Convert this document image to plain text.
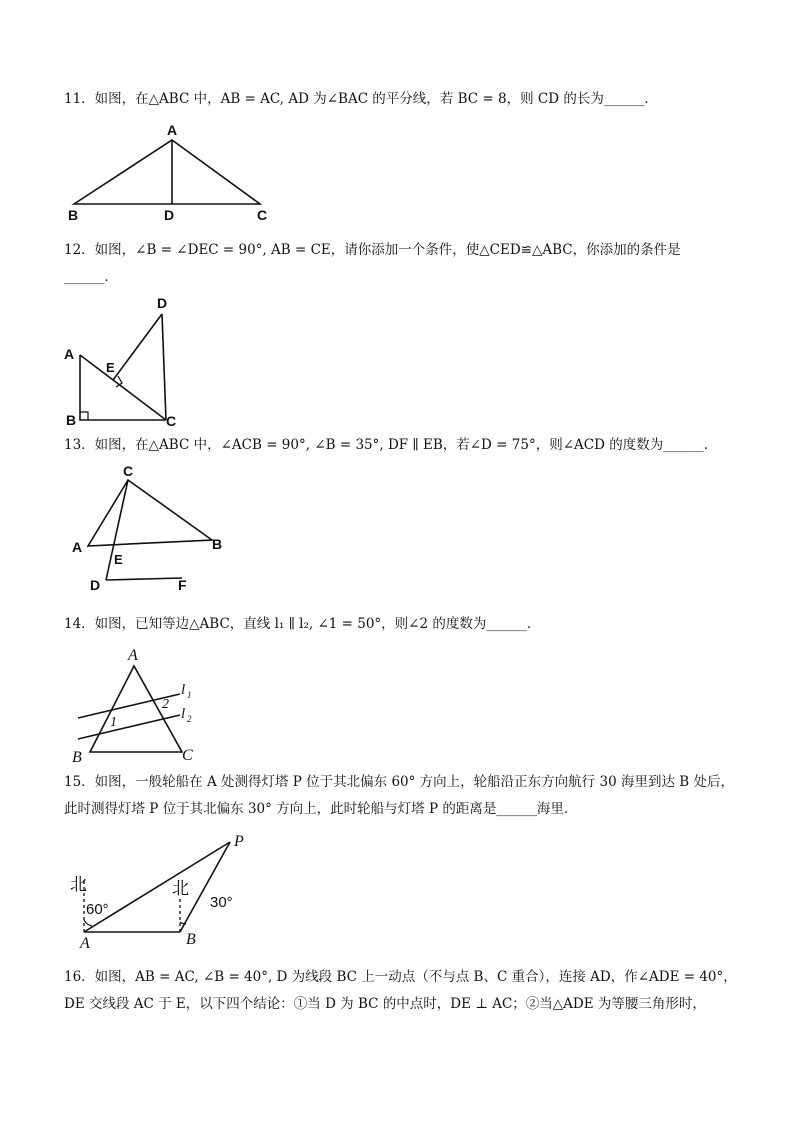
11．如图，在△ABC 中，AB = AC, AD 为∠BAC 的平分线，若 BC = 8，则 CD 的长为______．
A
B	D	C
12．如图，∠B = ∠DEC = 90°, AB = CE，请你添加一个条件，使△CED≌△ABC，你添加的条件是
______．
D
A
E
B	C
13．如图，在△ABC 中，∠ACB = 90°, ∠B = 35°, DF ∥ EB，若∠D = 75°，则∠ACD 的度数为______．
C
A	B
E
D	F
14．如图，已知等边△ABC，直线 l₁ ∥ l₂, ∠1 = 50°，则∠2 的度数为______．
A
B	C
1
2
l 1
l 2
15．如图，一般轮船在 A 处测得灯塔 P 位于其北偏东 60° 方向上，轮船沿正东方向航行 30 海里到达 B 处后，
此时测得灯塔 P 位于其北偏东 30° 方向上，此时轮船与灯塔 P 的距离是______海里．
北	北
60°	30°
A	B
P
16．如图，AB = AC, ∠B = 40°, D 为线段 BC 上一动点（不与点 B、C 重合），连接 AD，作∠ADE = 40°，
DE 交线段 AC 于 E，以下四个结论：①当 D 为 BC 的中点时，DE ⊥ AC；②当△ADE 为等腰三角形时，
